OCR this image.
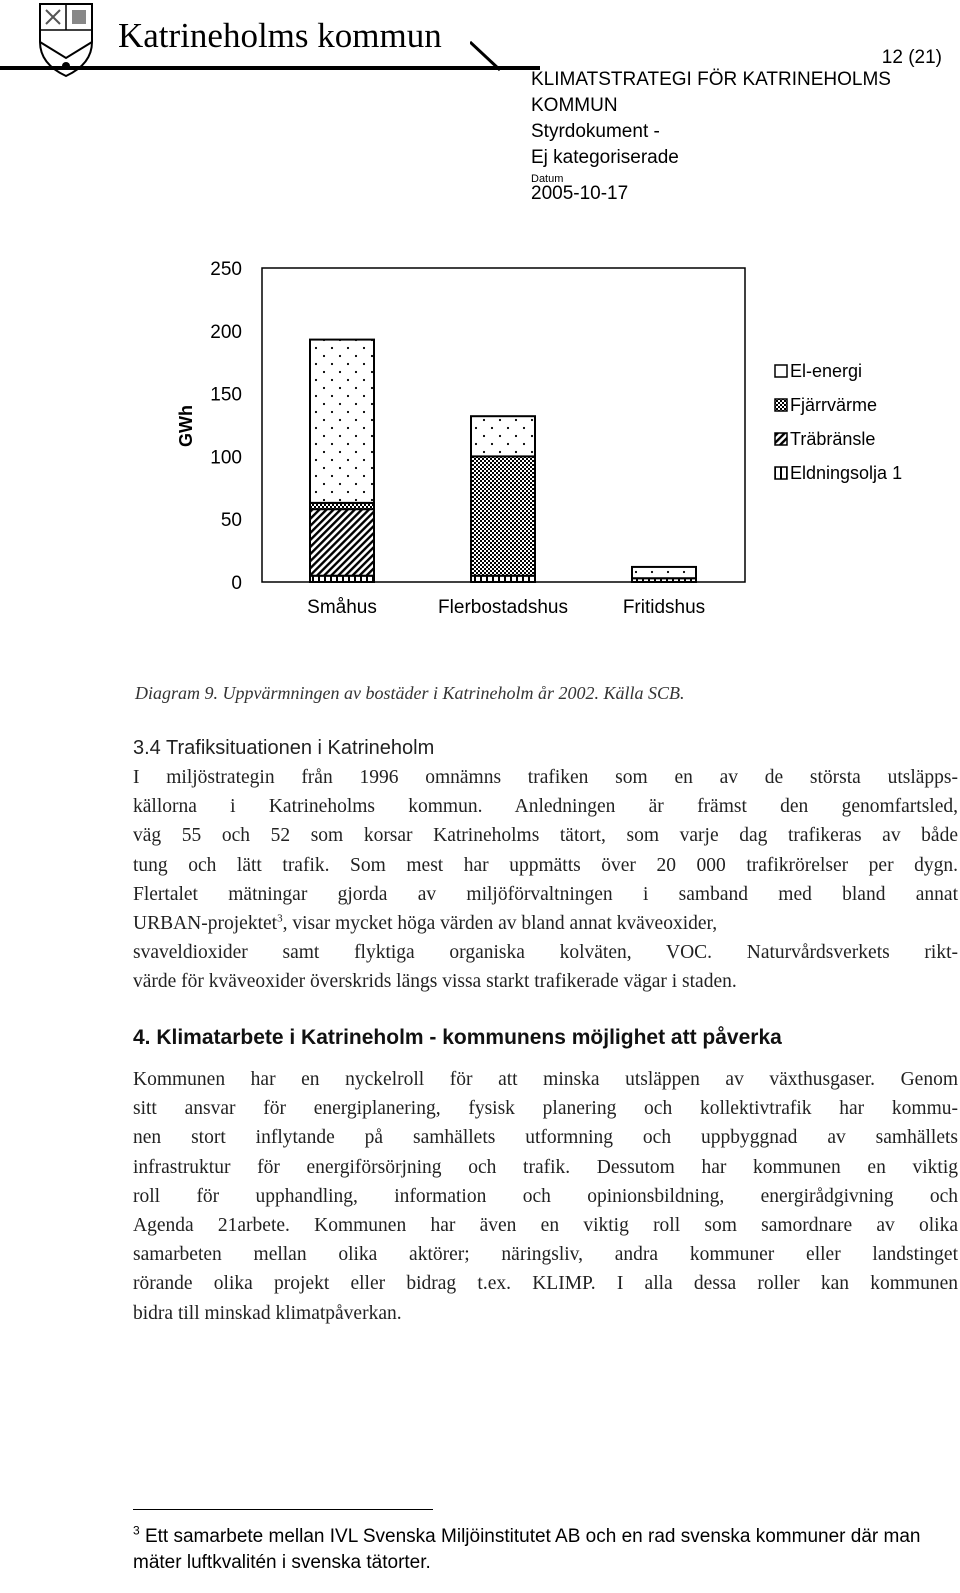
Katrineholms kommun
12 (21)
KLIMATSTRATEGI FÖR KATRINEHOLMS
KOMMUN
Styrdokument -
Ej kategoriserade
Datum
2005-10-17
0
50
100
150
200
250
Småhus	Flerbostadshus	Fritidshus
GWh
El-energi
Fjärrvärme
Träbränsle
Eldningsolja 1
Diagram 9. Uppvärmningen av bostäder i Katrineholm år 2002. Källa SCB.
3.4 Trafiksituationen i Katrineholm
I miljöstrategin från 1996 omnämns trafiken som en av de största utsläpps-
källorna i Katrineholms kommun. Anledningen är främst den genomfartsled,
väg 55 och 52 som korsar Katrineholms tätort, som varje dag trafikeras av både
tung och lätt trafik. Som mest har uppmätts över 20 000 trafikrörelser per dygn.
Flertalet mätningar gjorda av miljöförvaltningen i samband med bland annat
URBAN-projektet$^3$, visar mycket höga värden av bland annat kväveoxider,
svaveldioxider samt flyktiga organiska kolväten, VOC. Naturvårdsverkets rikt-
värde för kväveoxider överskrids längs vissa starkt trafikerade vägar i staden.
4. Klimatarbete i Katrineholm - kommunens möjlighet att påverka
Kommunen har en nyckelroll för att minska utsläppen av växthusgaser. Genom
sitt ansvar för energiplanering, fysisk planering och kollektivtrafik har kommu-
nen stort inflytande på samhällets utformning och uppbyggnad av samhällets
infrastruktur för energiförsörjning och trafik. Dessutom har kommunen en viktig
roll för upphandling, information och opinionsbildning, energirådgivning och
Agenda 21arbete. Kommunen har även en viktig roll som samordnare av olika
samarbeten mellan olika aktörer; näringsliv, andra kommuner eller landstinget
rörande olika projekt eller bidrag t.ex. KLIMP. I alla dessa roller kan kommunen
bidra till minskad klimatpåverkan.
$^3$ Ett samarbete mellan IVL Svenska Miljöinstitutet AB och en rad svenska kommuner där man mäter luftkvalitén i svenska tätorter.
